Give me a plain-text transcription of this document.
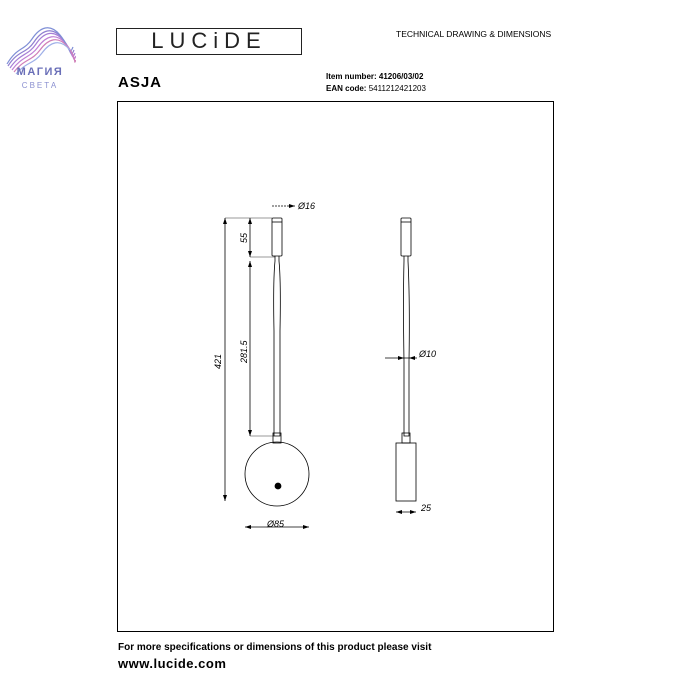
МАГИЯ
СВЕТА
LUCiDE	TECHNICAL DRAWING & DIMENSIONS
ASJA	Item number: 41206/03/02
EAN code: 5411212421203
Ø16
55
281.5
421
Ø85
Ø10
25
For more specifications or dimensions of this product please visit
www.lucide.com
